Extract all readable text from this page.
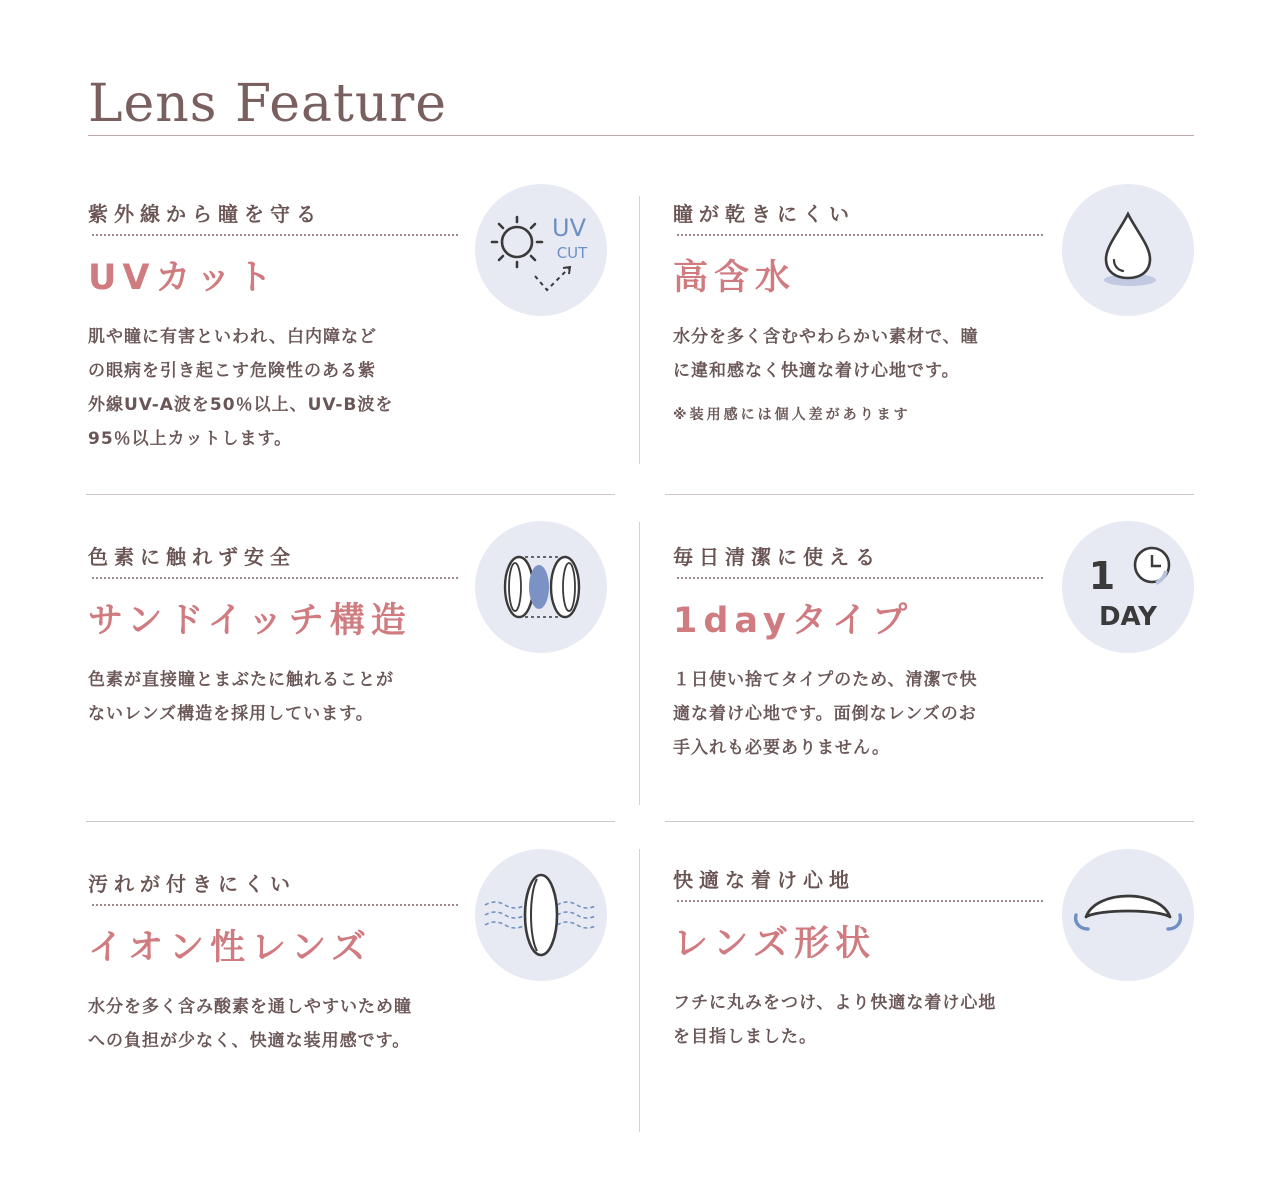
Lens Feature
紫外線から瞳を守る
UVカット
肌や瞳に有害といわれ、白内障など
の眼病を引き起こす危険性のある紫
外線UV-A波を50％以上、UV-B波を
95％以上カットします。
UV
CUT
瞳が乾きにくい
高含水
水分を多く含むやわらかい素材で、瞳
に違和感なく快適な着け心地です。
※装用感には個人差があります
色素に触れず安全
サンドイッチ構造
色素が直接瞳とまぶたに触れることが
ないレンズ構造を採用しています。
毎日清潔に使える
1dayタイプ
１日使い捨てタイプのため、清潔で快
適な着け心地です。面倒なレンズのお
手入れも必要ありません。
1
DAY
汚れが付きにくい
イオン性レンズ
水分を多く含み酸素を通しやすいため瞳
への負担が少なく、快適な装用感です。
快適な着け心地
レンズ形状
フチに丸みをつけ、より快適な着け心地
を目指しました。
